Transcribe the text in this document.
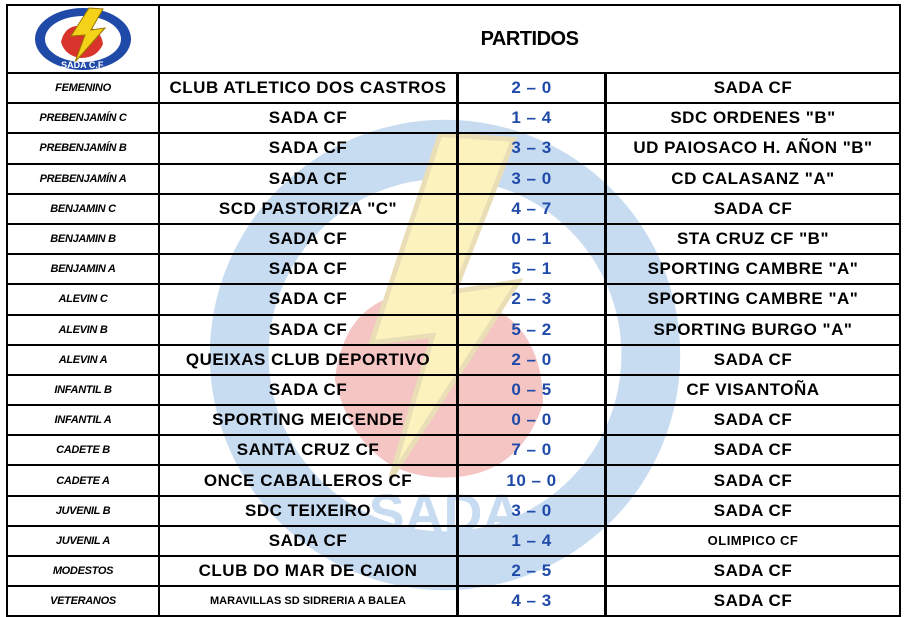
SADA
SADA C.F.
PARTIDOS
FEMENINO	CLUB ATLETICO DOS CASTROS	2 – 0	SADA CF
PREBENJAMÍN C	SADA CF	1 – 4	SDC ORDENES "B"
PREBENJAMÍN B	SADA CF	3 – 3	UD PAIOSACO H. AÑON "B"
PREBENJAMÍN A	SADA CF	3 – 0	CD CALASANZ "A"
BENJAMIN C	SCD PASTORIZA "C"	4 – 7	SADA CF
BENJAMIN B	SADA CF	0 – 1	STA CRUZ CF "B"
BENJAMIN A	SADA CF	5 – 1	SPORTING CAMBRE "A"
ALEVIN C	SADA CF	2 – 3	SPORTING CAMBRE "A"
ALEVIN B	SADA CF	5 – 2	SPORTING BURGO "A"
ALEVIN A	QUEIXAS CLUB DEPORTIVO	2 – 0	SADA CF
INFANTIL B	SADA CF	0 – 5	CF VISANTOÑA
INFANTIL A	SPORTING MEICENDE	0 – 0	SADA CF
CADETE B	SANTA CRUZ CF	7 – 0	SADA CF
CADETE A	ONCE CABALLEROS CF	10 – 0	SADA CF
JUVENIL B	SDC TEIXEIRO	3 – 0	SADA CF
JUVENIL A	SADA CF	1 – 4	OLIMPICO CF
MODESTOS	CLUB DO MAR DE CAION	2 – 5	SADA CF
VETERANOS	MARAVILLAS SD SIDRERIA A BALEA	4 – 3	SADA CF
